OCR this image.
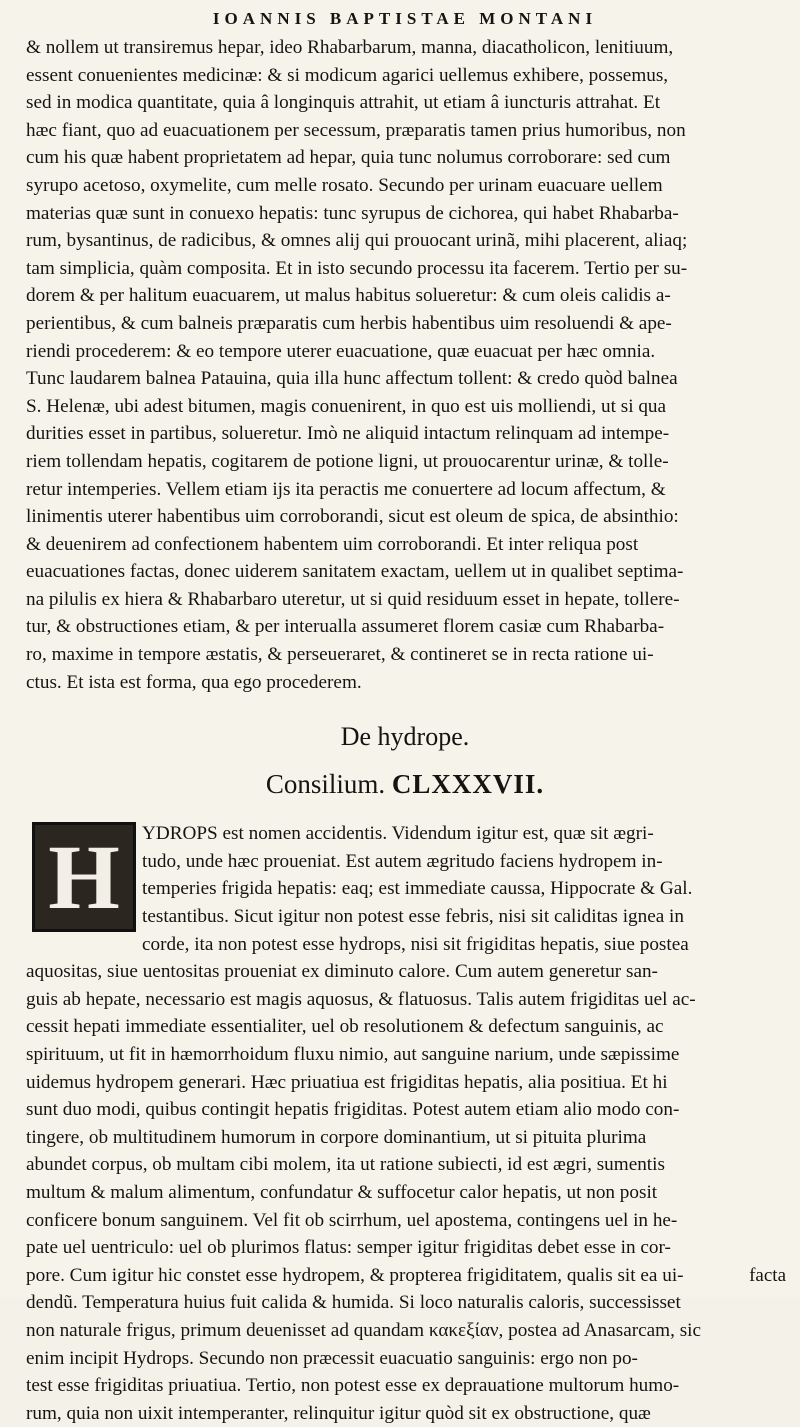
IOANNIS BAPTISTAE MONTANI
& nollem ut transiremus hepar, ideo Rhabarbarum, manna, diacatholicon, lenitiuum,
essent conuenientes medicinæ: & si modicum agarici uellemus exhibere, possemus,
sed in modica quantitate, quia â longinquis attrahit, ut etiam â iuncturis attrahat. Et
hæc fiant, quo ad euacuationem per secessum, præparatis tamen prius humoribus, non
cum his quæ habent proprietatem ad hepar, quia tunc nolumus corroborare: sed cum
syrupo acetoso, oxymelite, cum melle rosato. Secundo per urinam euacuare uellem
materias quæ sunt in conuexo hepatis: tunc syrupus de cichorea, qui habet Rhabarba-
rum, bysantinus, de radicibus, & omnes alij qui prouocant urinã, mihi placerent, aliaq;
tam simplicia, quàm composita. Et in isto secundo processu ita facerem. Tertio per su-
dorem & per halitum euacuarem, ut malus habitus solueretur: & cum oleis calidis a-
perientibus, & cum balneis præparatis cum herbis habentibus uim resoluendi & ape-
riendi procederem: & eo tempore uterer euacuatione, quæ euacuat per hæc omnia.
Tunc laudarem balnea Patauina, quia illa hunc affectum tollent: & credo quòd balnea
S. Helenæ, ubi adest bitumen, magis conuenirent, in quo est uis molliendi, ut si qua
durities esset in partibus, solueretur. Imò ne aliquid intactum relinquam ad intempe-
riem tollendam hepatis, cogitarem de potione ligni, ut prouocarentur urinæ, & tolle-
retur intemperies. Vellem etiam ijs ita peractis me conuertere ad locum affectum, &
linimentis uterer habentibus uim corroborandi, sicut est oleum de spica, de absinthio:
& deuenirem ad confectionem habentem uim corroborandi. Et inter reliqua post
euacuationes factas, donec uiderem sanitatem exactam, uellem ut in qualibet septima-
na pilulis ex hiera & Rhabarbaro uteretur, ut si quid residuum esset in hepate, tollere-
tur, & obstructiones etiam, & per interualla assumeret florem casiæ cum Rhabarba-
ro, maxime in tempore æstatis, & perseueraret, & contineret se in recta ratione ui-
ctus. Et ista est forma, qua ego procederem.
De hydrope.
Consilium. CLXXXVII.
H	YDROPS est nomen accidentis. Videndum igitur est, quæ sit ægri-
tudo, unde hæc proueniat. Est autem ægritudo faciens hydropem in-
temperies frigida hepatis: eaq; est immediate caussa, Hippocrate & Gal.
testantibus. Sicut igitur non potest esse febris, nisi sit caliditas ignea in
corde, ita non potest esse hydrops, nisi sit frigiditas hepatis, siue postea
aquositas, siue uentositas proueniat ex diminuto calore. Cum autem generetur san-
guis ab hepate, necessario est magis aquosus, & flatuosus. Talis autem frigiditas uel ac-
cessit hepati immediate essentialiter, uel ob resolutionem & defectum sanguinis, ac
spirituum, ut fit in hæmorrhoidum fluxu nimio, aut sanguine narium, unde sæpissime
uidemus hydropem generari. Hæc priuatiua est frigiditas hepatis, alia positiua. Et hi
sunt duo modi, quibus contingit hepatis frigiditas. Potest autem etiam alio modo con-
tingere, ob multitudinem humorum in corpore dominantium, ut si pituita plurima
abundet corpus, ob multam cibi molem, ita ut ratione subiecti, id est ægri, sumentis
multum & malum alimentum, confundatur & suffocetur calor hepatis, ut non posit
conficere bonum sanguinem. Vel fit ob scirrhum, uel apostema, contingens uel in he-
pate uel uentriculo: uel ob plurimos flatus: semper igitur frigiditas debet esse in cor-
pore. Cum igitur hic constet esse hydropem, & propterea frigiditatem, qualis sit ea ui-
dendũ. Temperatura huius fuit calida & humida. Si loco naturalis caloris, successisset
non naturale frigus, primum deuenisset ad quandam κακεξίαν, postea ad Anasarcam, sic
enim incipit Hydrops. Secundo non præcessit euacuatio sanguinis: ergo non po-
test esse frigiditas priuatiua. Tertio, non potest esse ex deprauatione multorum humo-
rum, quia non uixit intemperanter, relinquitur igitur quòd sit ex obstructione, quæ
facta
